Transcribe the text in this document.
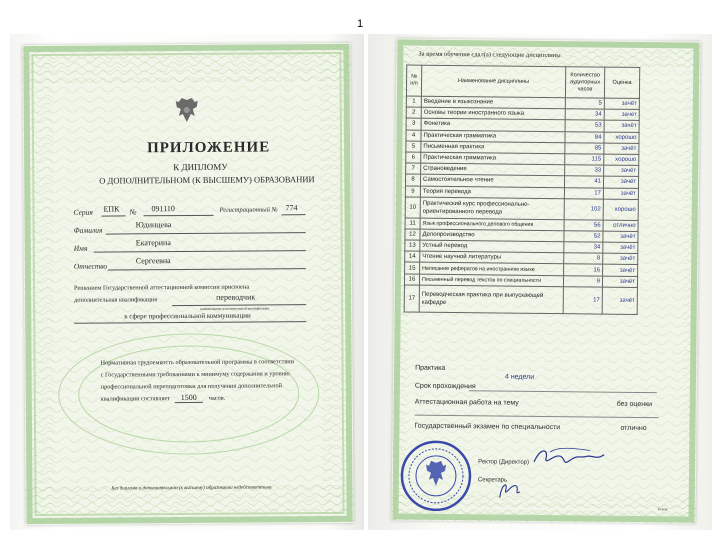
1
ПРИЛОЖЕНИЕ
К ДИПЛОМУ
О ДОПОЛНИТЕЛЬНОМ (К ВЫСШЕМУ) ОБРАЗОВАНИИ
Серия ЕПК № 091110	Регистрационный № 774
Фамилия
Юдинцева
Имя
Екатерина
Отчество
Сергеевна
Решением Государственной аттестационной комиссии присвоена
дополнительная квалификация	переводчик
наименование дополнительной квалификации
в сфере профессиональной коммуникации
Нормативная трудоемкость образовательной программы в соответствии
с Государственными требованиями к минимуму содержания и уровню
профессиональной переподготовки для получения дополнительной
квалификации составляет 1500 часов.
Без диплома о дополнительном (к высшему) образовании недействительно.
За время обучения сдал(а) следующие дисциплины
№ п/п	Наименование дисциплины	Количество аудиторных часов	Оценка
1	Введение в языкознание	5	зачёт
2	Основы теории иностранного языка	34	зачет
3	Фонетика	53	зачёт
4	Практическая грамматика	84	хорошо
5	Письменная практика	85	зачёт
6	Практическая грамматика	115	хорошо
7	Страноведение	33	зачёт
8	Самостоятельное чтение	41	зачёт
9	Теория перевода	17	зачёт
10	Практический курс профессионально-ориентированного перевода	102	хорошо
11	Язык профессионального делового общения	56	отлично
12	Делопроизводство	52	зачёт
13	Устный перевод	34	зачёт
14	Чтение научной литературы	8	зачёт
15	Написание рефератов на иностранном языке	16	зачёт
16	Письменный перевод текстов по специальности	9	зачёт
17	Переводческая практика при выпускающей кафедре	17	зачёт
Практика
4 недели
Срок прохождения
Аттестационная работа на тему	без оценки
Государственный экзамен по специальности	отлично
Ректор (Директор)
Секретарь
Гознак
